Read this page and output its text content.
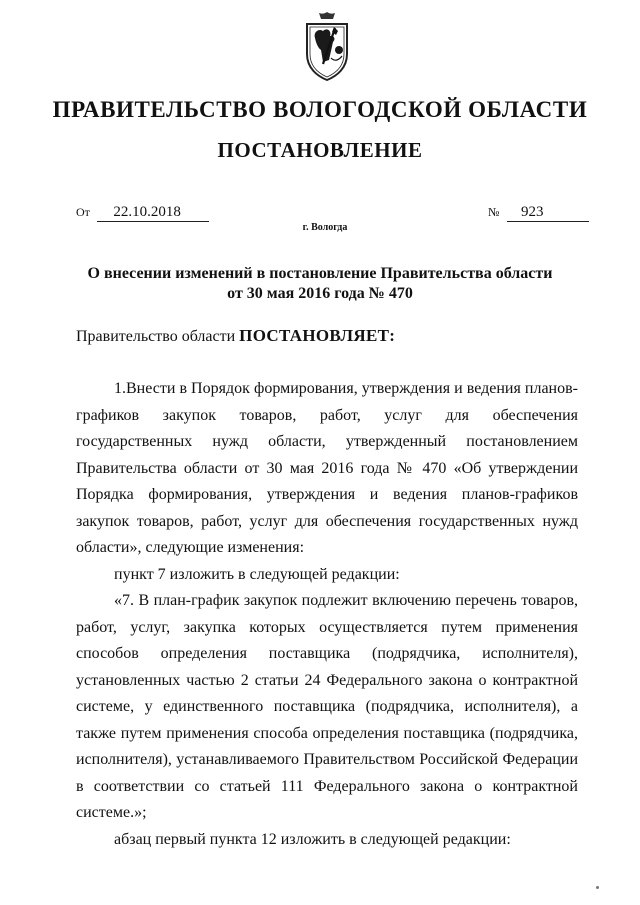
ПРАВИТЕЛЬСТВО ВОЛОГОДСКОЙ ОБЛАСТИ
ПОСТАНОВЛЕНИЕ
От 22.10.2018	№ 923
г. Вологда
О внесении изменений в постановление Правительства области
от 30 мая 2016 года № 470
Правительство области ПОСТАНОВЛЯЕТ:

1.Внести в Порядок формирования, утверждения и ведения планов-графиков закупок товаров, работ, услуг для обеспечения государственных нужд области, утвержденный постановлением Правительства области от 30 мая 2016 года № 470 «Об утверждении Порядка формирования, утверждения и ведения планов-графиков закупок товаров, работ, услуг для обеспечения государственных нужд области», следующие изменения:

пункт 7 изложить в следующей редакции:

«7. В план-график закупок подлежит включению перечень товаров, работ, услуг, закупка которых осуществляется путем применения способов определения поставщика (подрядчика, исполнителя), установленных частью 2 статьи 24 Федерального закона о контрактной системе, у единственного поставщика (подрядчика, исполнителя), а также путем применения способа определения поставщика (подрядчика, исполнителя), устанавливаемого Правительством Российской Федерации в соответствии со статьей 111 Федерального закона о контрактной системе.»;

абзац первый пункта 12 изложить в следующей редакции:
